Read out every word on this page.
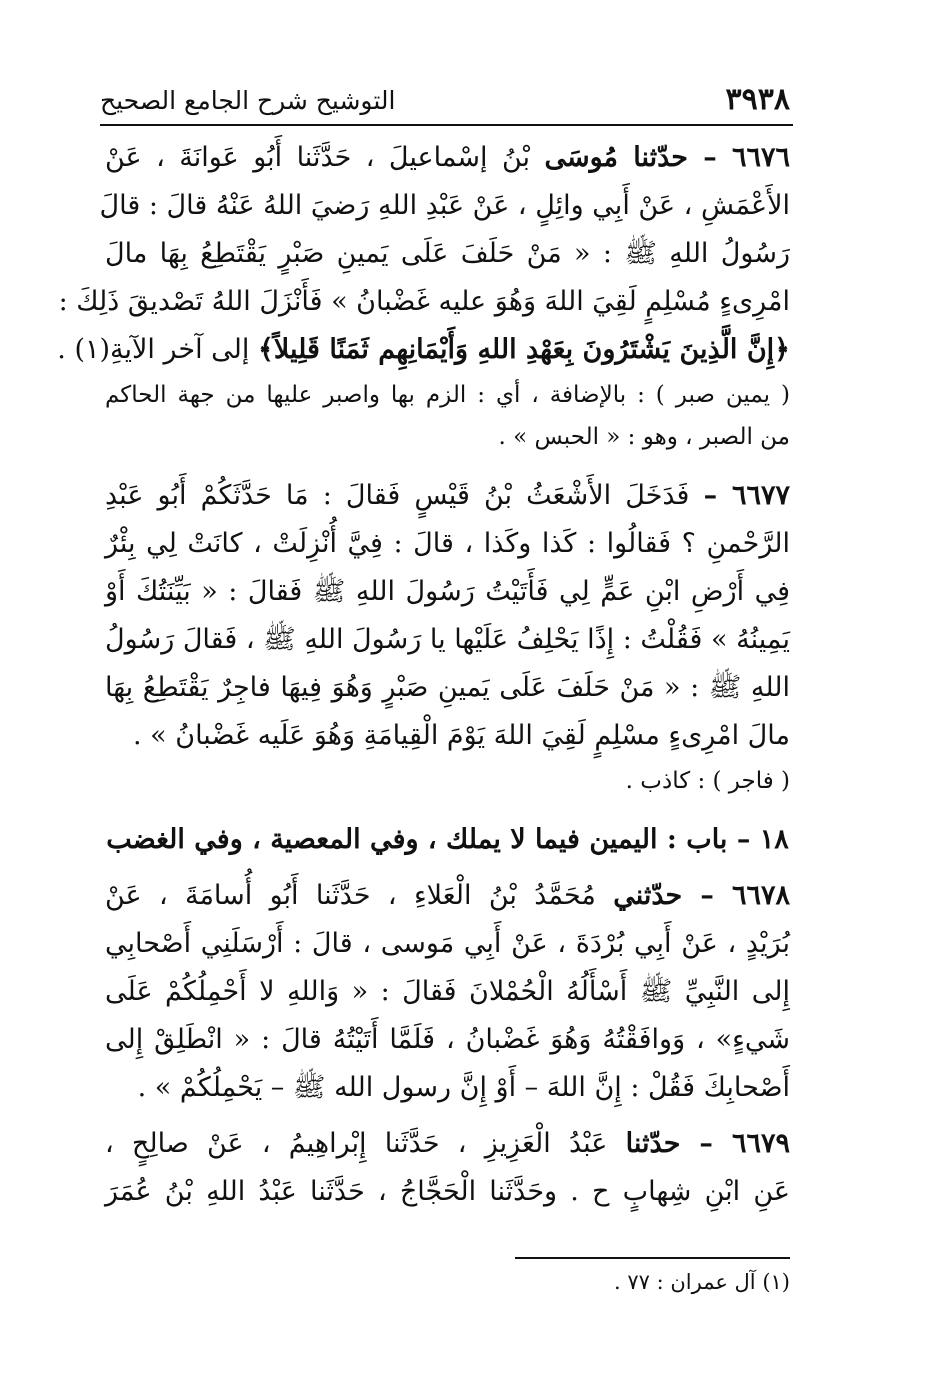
٣٩٣٨
التوشيح شرح الجامع الصحيح
٦٦٧٦ – حدّثنا مُوسَى بْنُ إسْماعيلَ ، حَدَّثَنا أَبُو عَوانَةَ ، عَنْ
الأَعْمَشِ ، عَنْ أَبِي وائِلٍ ، عَنْ عَبْدِ اللهِ رَضيَ اللهُ عَنْهُ قالَ : قالَ
رَسُولُ اللهِ ﷺ : « مَنْ حَلَفَ عَلَى يَمينِ صَبْرٍ يَقْتَطِعُ بِهَا مالَ
امْرِىءٍ مُسْلِمٍ لَقِيَ اللهَ وَهُوَ عليه غَضْبانُ » فَأَنْزَلَ اللهُ تَصْديقَ ذَلِكَ :
﴿إِنَّ الَّذِينَ يَشْتَرُونَ بِعَهْدِ اللهِ وَأَيْمَانِهِم ثَمَنًا قَلِيلاً﴾ إلى آخر الآيةِ(١) .
( يمين صبر ) : بالإضافة ، أي : الزم بها واصبر عليها من جهة الحاكم
من الصبر ، وهو : « الحبس » .
٦٦٧٧ – فَدَخَلَ الأَشْعَثُ بْنُ قَيْسٍ فَقالَ : مَا حَدَّثَكُمْ أَبُو عَبْدِ
الرَّحْمنِ ؟ فَقالُوا : كَذا وكَذا ، قالَ : فِيَّ أُنْزِلَتْ ، كانَتْ لِي بِئْرٌ
فِي أَرْضِ ابْنِ عَمٍّ لِي فَأَتَيْتُ رَسُولَ اللهِ ﷺ فَقالَ : « بَيِّنَتُكَ أَوْ
يَمِينُهُ » فَقُلْتُ : إِذًا يَحْلِفُ عَلَيْها يا رَسُولَ اللهِ ﷺ ، فَقالَ رَسُولُ
اللهِ ﷺ : « مَنْ حَلَفَ عَلَى يَمينِ صَبْرٍ وَهُوَ فِيهَا فاجِرٌ يَقْتَطِعُ بِهَا
مالَ امْرِىءٍ مسْلِمٍ لَقِيَ اللهَ يَوْمَ الْقِيامَةِ وَهُوَ عَلَيه غَضْبانُ » .
( فاجر ) : كاذب .
١٨ – باب : اليمين فيما لا يملك ، وفي المعصية ، وفي الغضب
٦٦٧٨ – حدّثني مُحَمَّدُ بْنُ الْعَلاءِ ، حَدَّثَنا أَبُو أُسامَةَ ، عَنْ
بُرَيْدٍ ، عَنْ أَبِي بُرْدَةَ ، عَنْ أَبِي مَوسى ، قالَ : أَرْسَلَنِي أَصْحابِي
إِلى النَّبِيِّ ﷺ أَسْأَلُهُ الْحُمْلانَ فَقالَ : « وَاللهِ لا أَحْمِلُكُمْ عَلَى
شَيءٍ» ، وَوافَقْتُهُ وَهُوَ غَضْبانُ ، فَلَمَّا أَتَيْتُهُ قالَ : « انْطَلِقْ إِلى
أَصْحابِكَ فَقُلْ : إِنَّ اللهَ – أَوْ إِنَّ رسول الله ﷺ – يَحْمِلُكُمْ » .
٦٦٧٩ – حدّثنا عَبْدُ الْعَزِيزِ ، حَدَّثَنا إِبْراهِيمُ ، عَنْ صالِحٍ ،
عَنِ ابْنِ شِهابٍ ح . وحَدَّثَنا الْحَجَّاجُ ، حَدَّثَنا عَبْدُ اللهِ بْنُ عُمَرَ
(١) آل عمران : ٧٧ .
